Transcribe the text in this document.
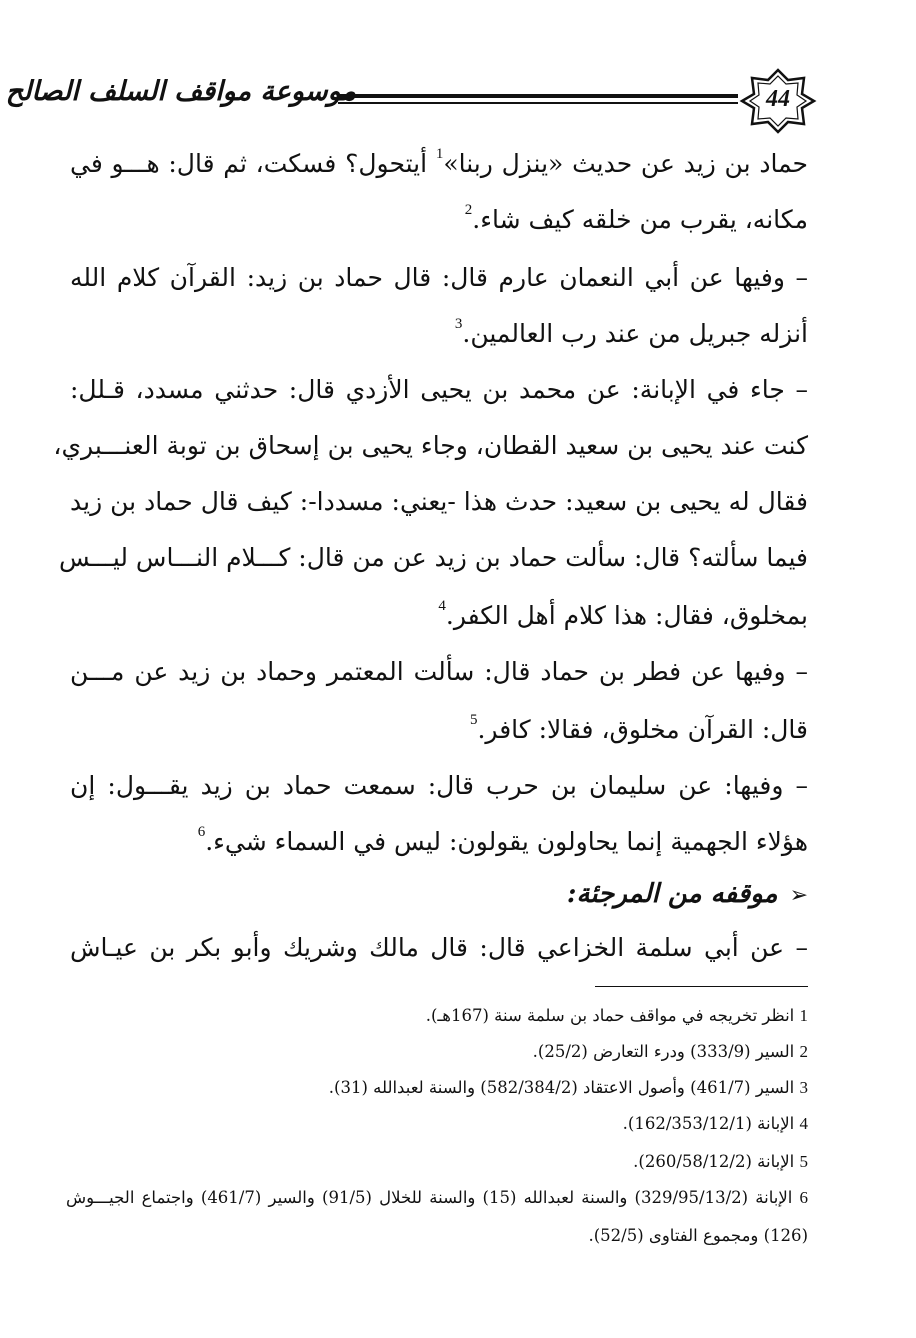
موسوعة مواقف السلف الصالح	44
حماد بن زيد عن حديث «ينزل ربنا»$^1$ أيتحول؟ فسكت، ثم قال: هـــو في
مكانه، يقرب من خلقه كيف شاء.$^2$
– وفيها عن أبي النعمان عارم قال: قال حماد بن زيد: القرآن كلام الله
أنزله جبريل من عند رب العالمين.$^3$
– جاء في الإبانة: عن محمد بن يحيى الأزدي قال: حدثني مسدد، قـلل:
كنت عند يحيى بن سعيد القطان، وجاء يحيى بن إسحاق بن توبة العنـــبري،
فقال له يحيى بن سعيد: حدث هذا -يعني: مسددا-: كيف قال حماد بن زيد
فيما سألته؟ قال: سألت حماد بن زيد عن من قال: كـــلام النـــاس ليـــس
بمخلوق، فقال: هذا كلام أهل الكفر.$^4$
– وفيها عن فطر بن حماد قال: سألت المعتمر وحماد بن زيد عن مـــن
قال: القرآن مخلوق، فقالا: كافر.$^5$
– وفيها: عن سليمان بن حرب قال: سمعت حماد بن زيد يقـــول: إن
هؤلاء الجهمية إنما يحاولون يقولون: ليس في السماء شيء.$^6$
➢موقفه من المرجئة:
– عن أبي سلمة الخزاعي قال: قال مالك وشريك وأبو بكر بن عيـاش
1 انظر تخريجه في مواقف حماد بن سلمة سنة (167هـ).
2 السير (333/9) ودرء التعارض (25/2).
3 السير (461/7) وأصول الاعتقاد (582/384/2) والسنة لعبدالله (31).
4 الإبانة (162/353/12/1).
5 الإبانة (260/58/12/2).
6 الإبانة (329/95/13/2) والسنة لعبدالله (15) والسنة للخلال (91/5) والسير (461/7) واجتماع الجيـــوش
(126) ومجموع الفتاوى (52/5).
